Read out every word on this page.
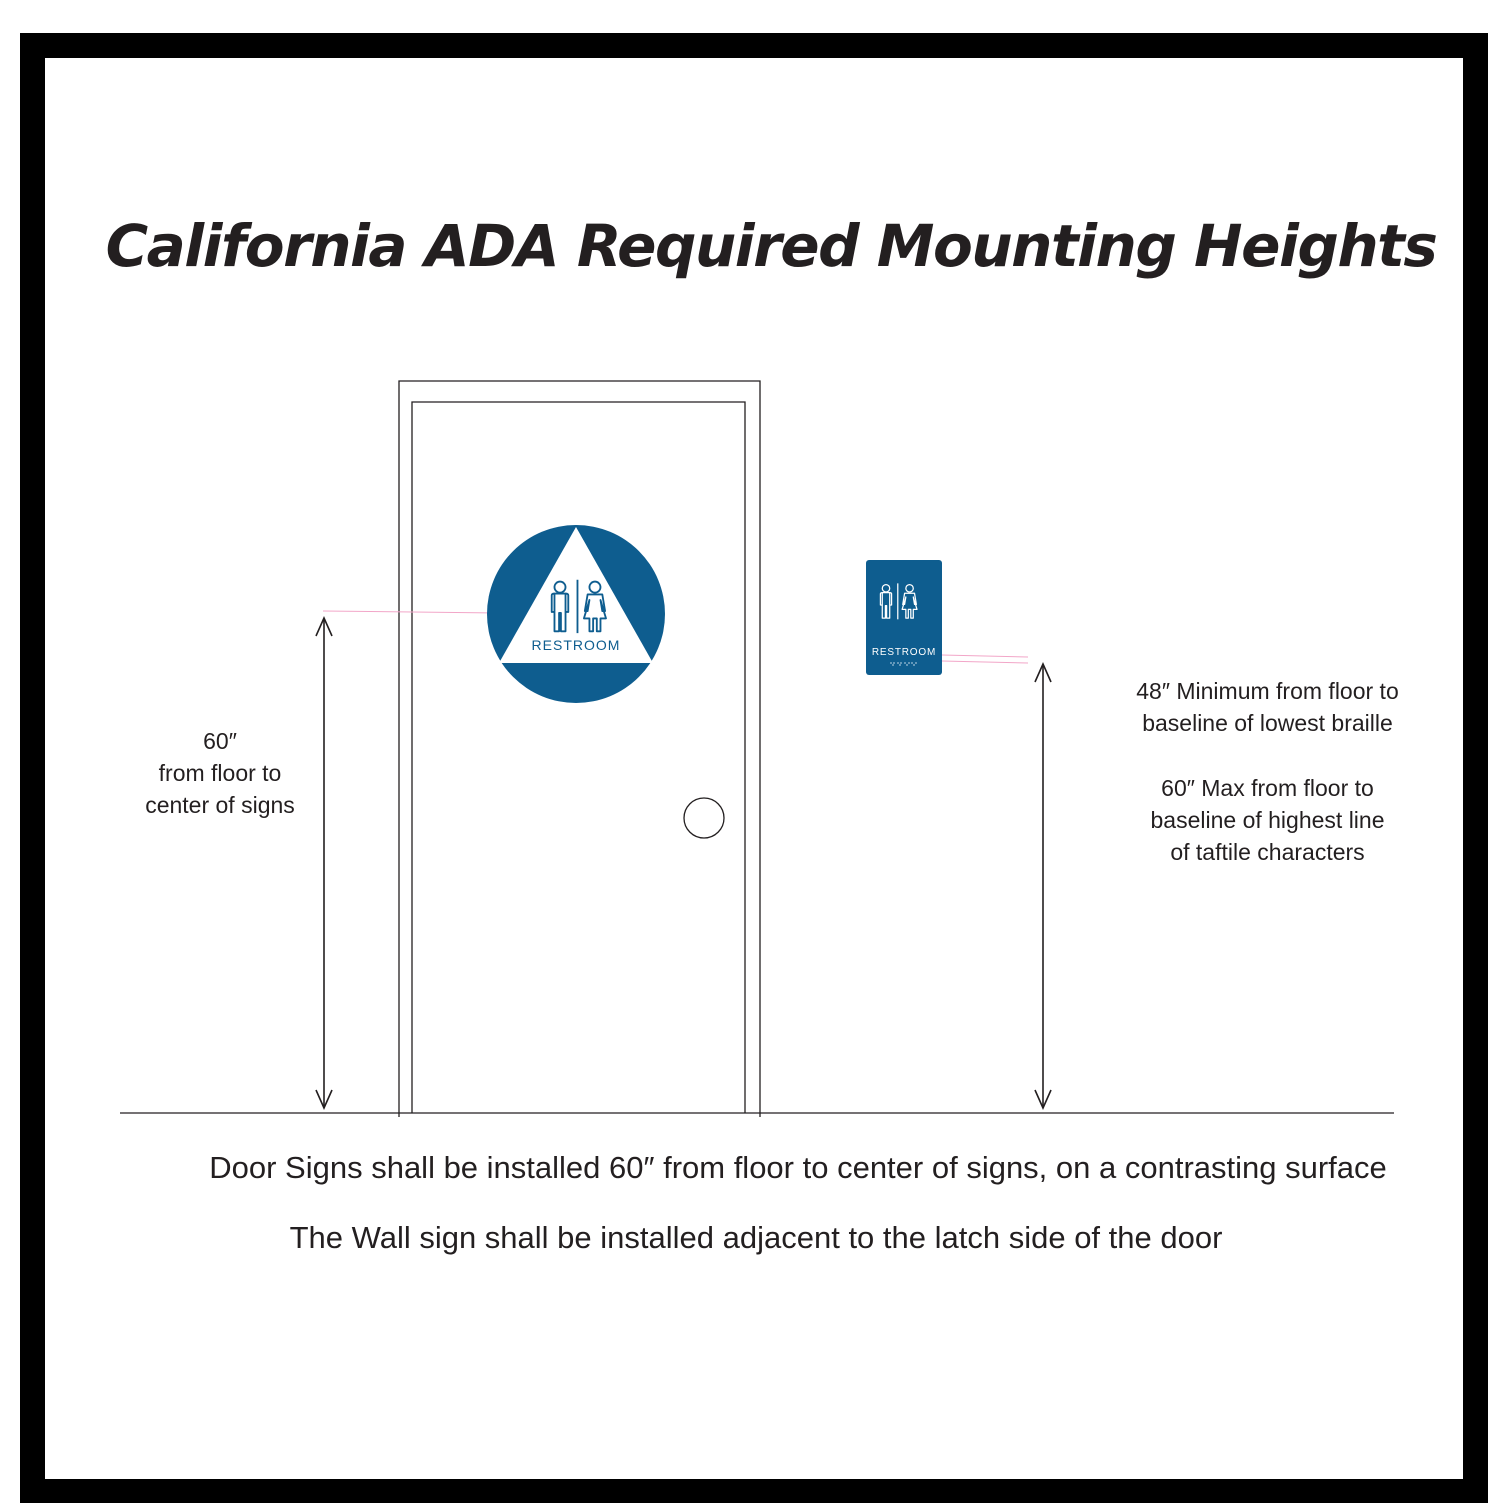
California ADA Required Mounting Heights
RESTROOM	RESTROOM
60″
from floor to
center of signs
48″ Minimum from floor to
baseline of lowest braille
60″ Max from floor to
baseline of highest line
of taftile characters
Door Signs shall be installed 60″ from floor to center of signs, on a contrasting surface
The Wall sign shall be installed adjacent to the latch side of the door
